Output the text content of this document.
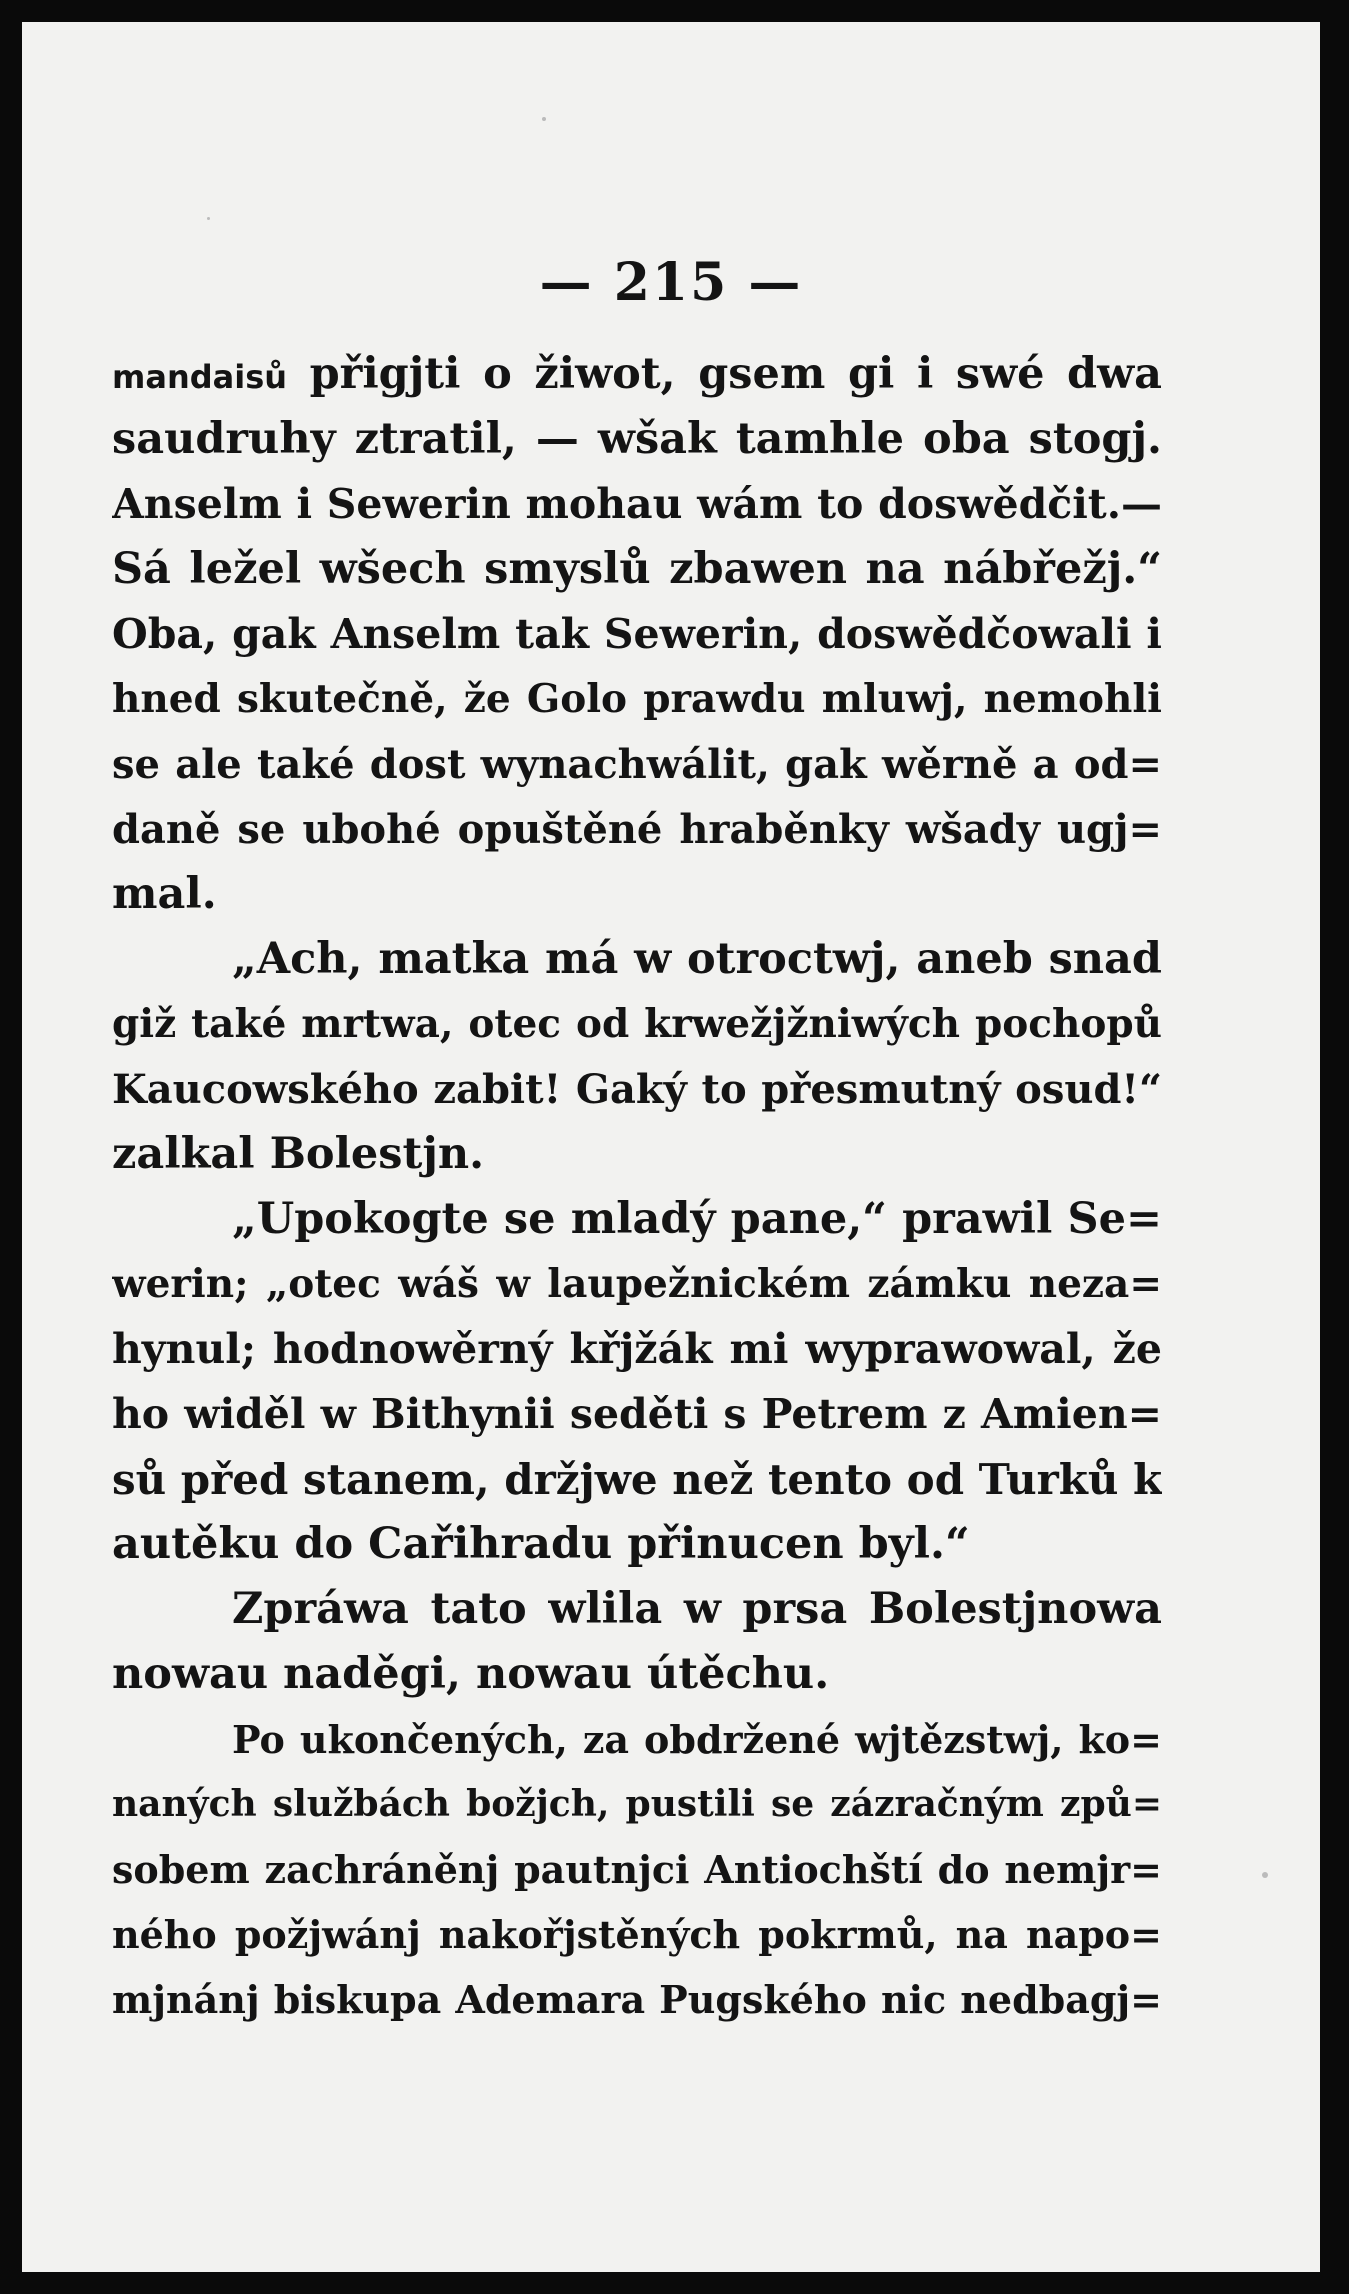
— 215 —
mandaisů přigjti o žiwot, gsem gi i swé dwa
saudruhy ztratil, — wšak tamhle oba stogj.
Anselm i Sewerin mohau wám to doswědčit.—
Sá ležel wšech smyslů zbawen na nábřežj.“
Oba, gak Anselm tak Sewerin, doswědčowali i
hned skutečně, že Golo prawdu mluwj, nemohli
se ale také dost wynachwálit, gak wěrně a od=
daně se ubohé opuštěné hraběnky wšady ugj=
mal.
„Ach, matka má w otroctwj, aneb snad
giž také mrtwa, otec od krwežjžniwých pochopů
Kaucowského zabit! Gaký to přesmutný osud!“
zalkal Bolestjn.
„Upokogte se mladý pane,“ prawil Se=
werin; „otec wáš w laupežnickém zámku neza=
hynul; hodnowěrný křjžák mi wyprawowal, že
ho widěl w Bithynii seděti s Petrem z Amien=
sů před stanem, držjwe než tento od Turků k
autěku do Cařihradu přinucen byl.“
Zpráwa tato wlila w prsa Bolestjnowa
nowau naděgi, nowau útěchu.
Po ukončených, za obdržené wjtězstwj, ko=
naných službách božjch, pustili se zázračným způ=
sobem zachráněnj pautnjci Antiochští do nemjr=
ného požjwánj nakořjstěných pokrmů, na napo=
mjnánj biskupa Ademara Pugského nic nedbagj=
